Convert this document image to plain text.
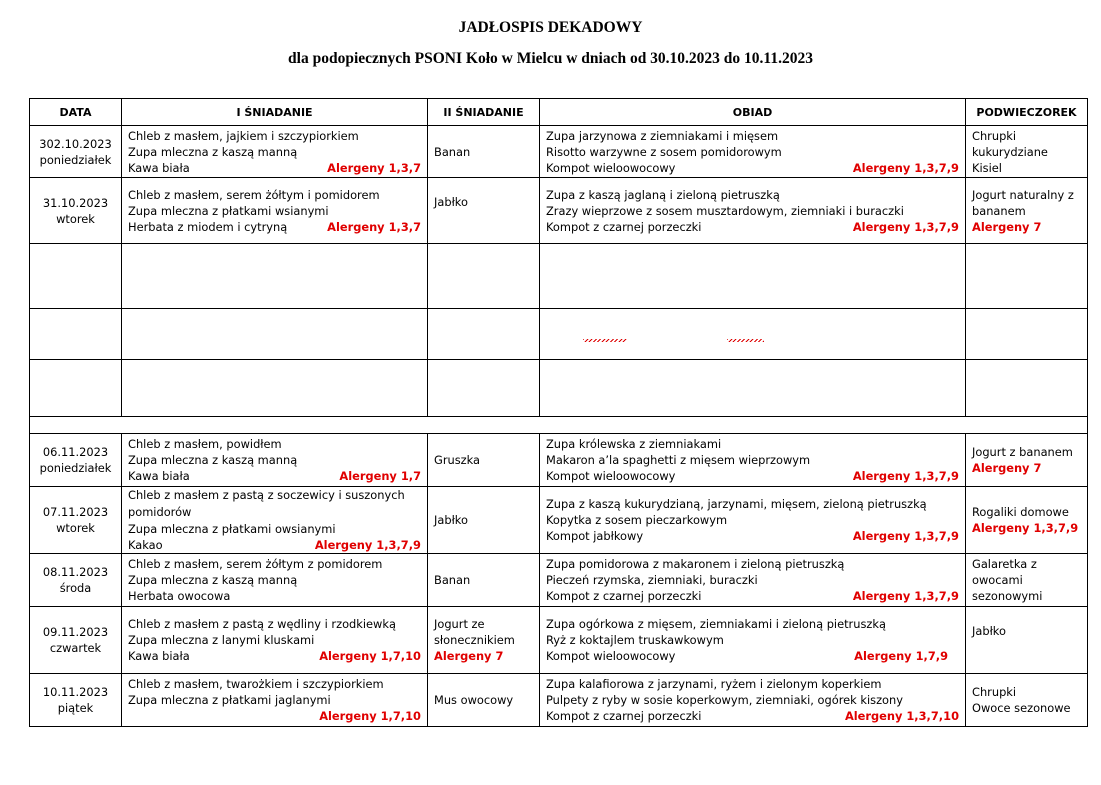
JADŁOSPIS DEKADOWY
dla podopiecznych PSONI Koło w Mielcu w dniach od 30.10.2023 do 10.11.2023
DATA	I ŚNIADANIE	II ŚNIADANIE	OBIAD	PODWIECZOREK

302.10.2023
poniedziałek	Chleb z masłem, jajkiem i szczypiorkiem
Zupa mleczna z kaszą manną
Kawa biała Alergeny 1,3,7	Banan	Zupa jarzynowa z ziemniakami i mięsem
Risotto warzywne z sosem pomidorowym
Kompot wieloowocowy Alergeny 1,3,7,9	Chrupki
kukurydziane
Kisiel

31.10.2023
wtorek	Chleb z masłem, serem żółtym i pomidorem
Zupa mleczna z płatkami wsianymi
Herbata z miodem i cytryną Alergeny 1,3,7	Jabłko	Zupa z kaszą jaglaną i zieloną pietruszką
Zrazy wieprzowe z sosem musztardowym, ziemniaki i buraczki
Kompot z czarnej porzeczki Alergeny 1,3,7,9	Jogurt naturalny z
bananem
Alergeny 7

06.11.2023
poniedziałek	Chleb z masłem, powidłem
Zupa mleczna z kaszą manną
Kawa biała Alergeny 1,7	Gruszka	Zupa królewska z ziemniakami
Makaron a’la spaghetti z mięsem wieprzowym
Kompot wieloowocowy Alergeny 1,3,7,9	Jogurt z bananem
Alergeny 7

07.11.2023
wtorek	Chleb z masłem z pastą z soczewicy i suszonych pomidorów
Zupa mleczna z płatkami owsianymi
Kakao Alergeny 1,3,7,9	Jabłko	Zupa z kaszą kukurydzianą, jarzynami, mięsem, zieloną pietruszką
Kopytka z sosem pieczarkowym
Kompot jabłkowy Alergeny 1,3,7,9	Rogaliki domowe
Alergeny 1,3,7,9

08.11.2023
środa	Chleb z masłem, serem żółtym z pomidorem
Zupa mleczna z kaszą manną
Herbata owocowa	Banan	Zupa pomidorowa z makaronem i zieloną pietruszką
Pieczeń rzymska, ziemniaki, buraczki
Kompot z czarnej porzeczki Alergeny 1,3,7,9	Galaretka z
owocami
sezonowymi

09.11.2023
czwartek	Chleb z masłem z pastą z wędliny i rzodkiewką
Zupa mleczna z lanymi kluskami
Kawa biała Alergeny 1,7,10	Jogurt ze
słonecznikiem
Alergeny 7	Zupa ogórkowa z mięsem, ziemniakami i zieloną pietruszką
Ryż z koktajlem truskawkowym
Kompot wieloowocowy Alergeny 1,7,9	Jabłko

10.11.2023
piątek	Chleb z masłem, twarożkiem i szczypiorkiem
Zupa mleczna z płatkami jaglanymi
Alergeny 1,7,10	Mus owocowy	Zupa kalafiorowa z jarzynami, ryżem i zielonym koperkiem
Pulpety z ryby w sosie koperkowym, ziemniaki, ogórek kiszony
Kompot z czarnej porzeczki Alergeny 1,3,7,10	Chrupki
Owoce sezonowe
